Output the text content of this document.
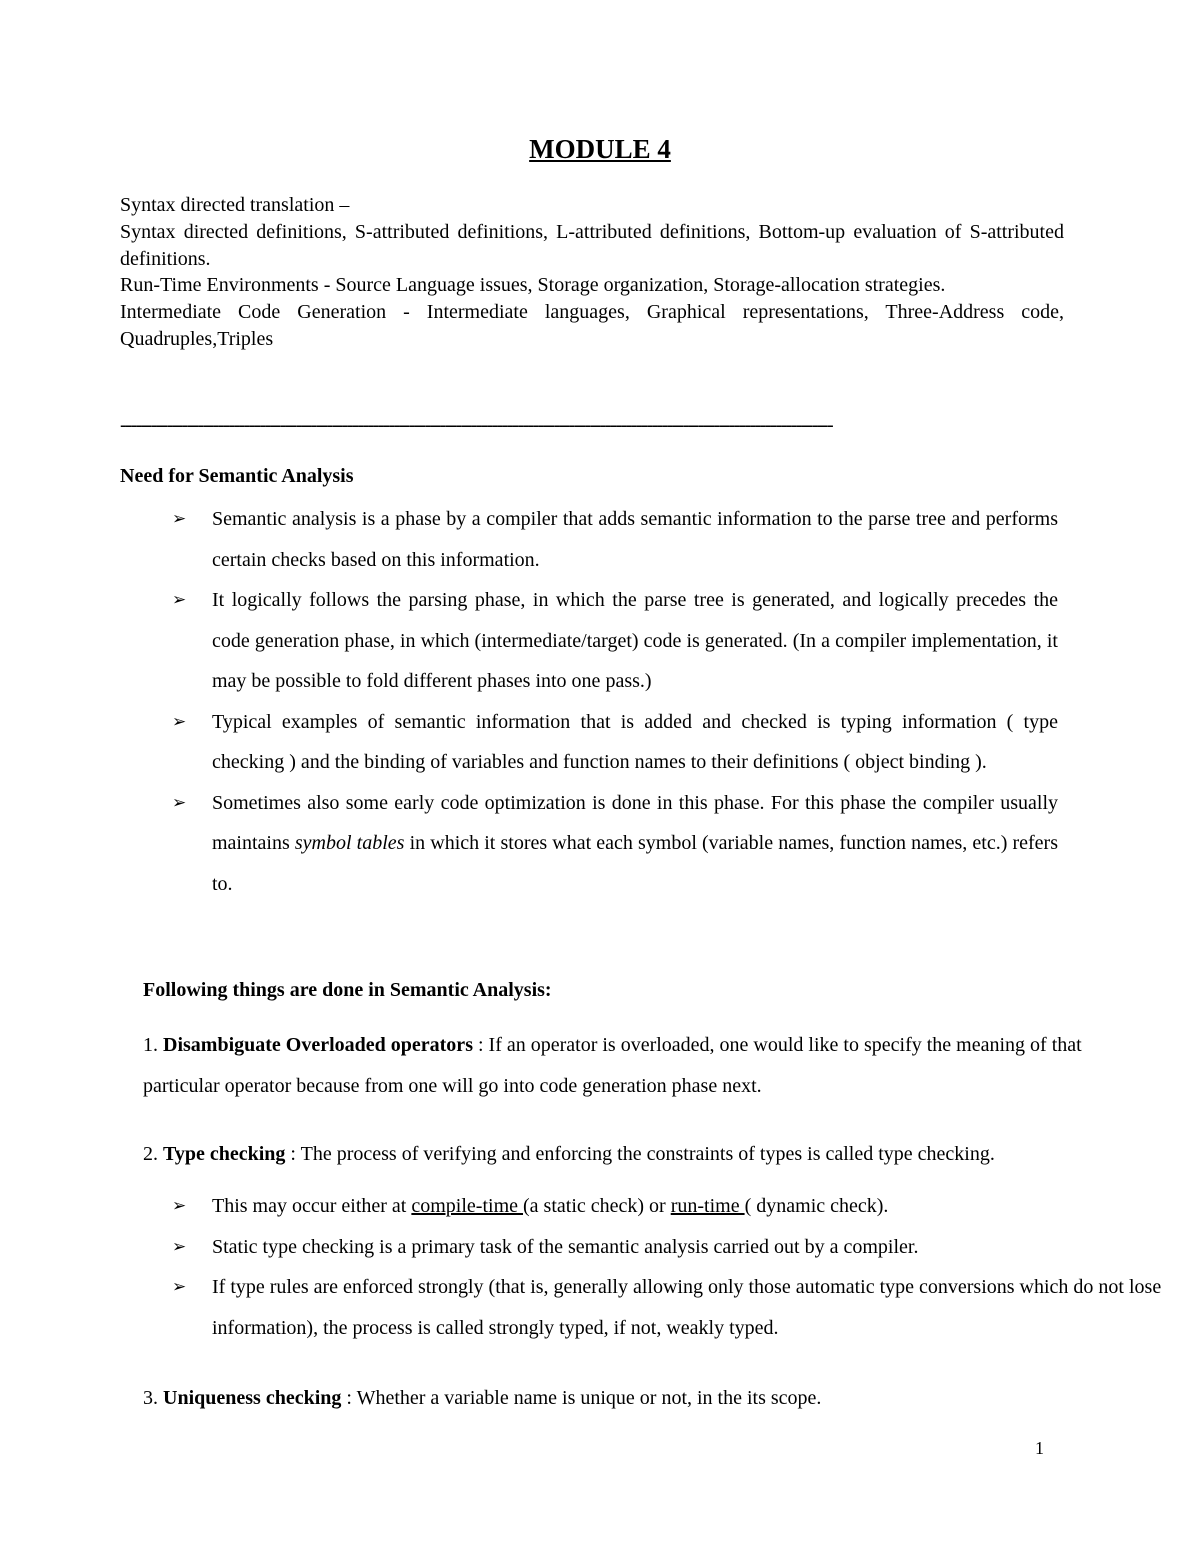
MODULE 4

Syntax directed translation –

Syntax directed definitions, S-attributed definitions, L-attributed definitions, Bottom-up evaluation of S-attributed definitions.

Run-Time Environments - Source Language issues, Storage organization, Storage-allocation strategies.

Intermediate Code Generation - Intermediate languages, Graphical representations, Three-Address code, Quadruples,Triples

------------------------------------------------------------------------------------------------------------------------------------------
Need for Semantic Analysis
➢	Semantic analysis is a phase by a compiler that adds semantic information to the parse tree and performs certain checks based on this information.
➢	It logically follows the parsing phase, in which the parse tree is generated, and logically precedes the code generation phase, in which (intermediate/target) code is generated. (In a compiler implementation, it may be possible to fold different phases into one pass.)
➢	Typical examples of semantic information that is added and checked is typing information ( type checking ) and the binding of variables and function names to their definitions ( object binding ).
➢	Sometimes also some early code optimization is done in this phase. For this phase the compiler usually maintains symbol tables in which it stores what each symbol (variable names, function names, etc.) refers to.
Following things are done in Semantic Analysis:
1. Disambiguate Overloaded operators : If an operator is overloaded, one would like to specify the meaning of that particular operator because from one will go into code generation phase next.
2. Type checking : The process of verifying and enforcing the constraints of types is called type checking.
➢	This may occur either at compile-time (a static check) or run-time ( dynamic check).
➢	Static type checking is a primary task of the semantic analysis carried out by a compiler.
➢	If type rules are enforced strongly (that is, generally allowing only those automatic type conversions which do not lose information), the process is called strongly typed, if not, weakly typed.
3. Uniqueness checking : Whether a variable name is unique or not, in the its scope.
1
